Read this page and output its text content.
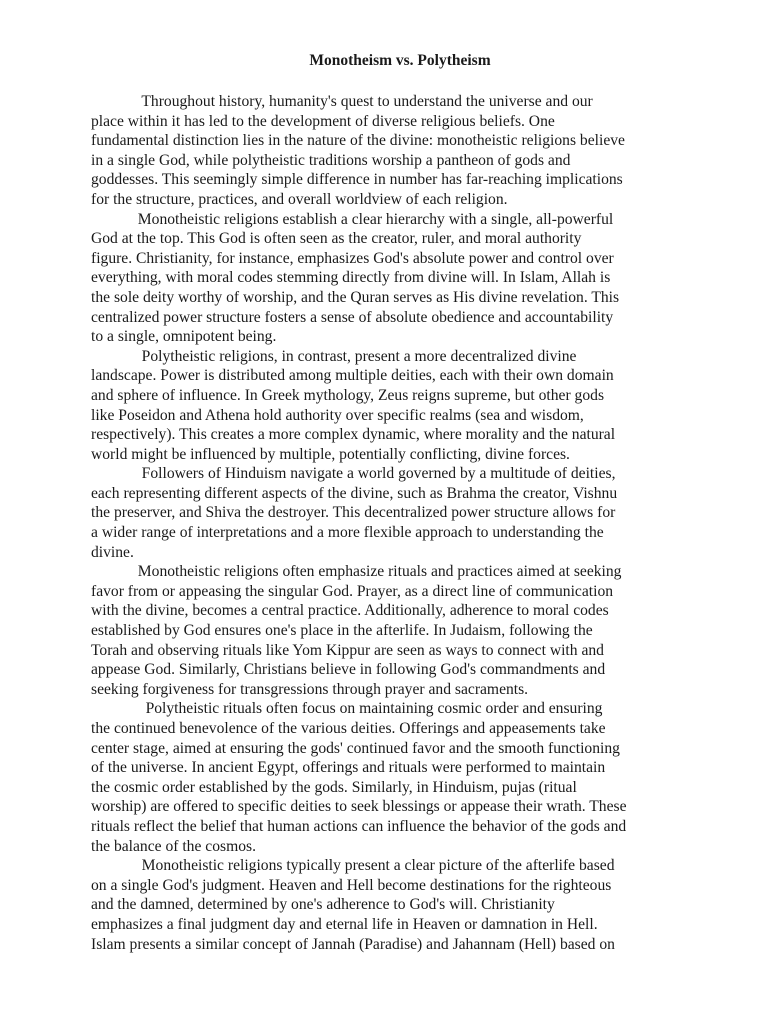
Monotheism vs. Polytheism

Throughout history, humanity's quest to understand the universe and our
place within it has led to the development of diverse religious beliefs. One
fundamental distinction lies in the nature of the divine: monotheistic religions believe
in a single God, while polytheistic traditions worship a pantheon of gods and
goddesses. This seemingly simple difference in number has far-reaching implications
for the structure, practices, and overall worldview of each religion.

Monotheistic religions establish a clear hierarchy with a single, all-powerful
God at the top. This God is often seen as the creator, ruler, and moral authority
figure. Christianity, for instance, emphasizes God's absolute power and control over
everything, with moral codes stemming directly from divine will. In Islam, Allah is
the sole deity worthy of worship, and the Quran serves as His divine revelation. This
centralized power structure fosters a sense of absolute obedience and accountability
to a single, omnipotent being.

Polytheistic religions, in contrast, present a more decentralized divine
landscape. Power is distributed among multiple deities, each with their own domain
and sphere of influence. In Greek mythology, Zeus reigns supreme, but other gods
like Poseidon and Athena hold authority over specific realms (sea and wisdom,
respectively). This creates a more complex dynamic, where morality and the natural
world might be influenced by multiple, potentially conflicting, divine forces.

Followers of Hinduism navigate a world governed by a multitude of deities,
each representing different aspects of the divine, such as Brahma the creator, Vishnu
the preserver, and Shiva the destroyer. This decentralized power structure allows for
a wider range of interpretations and a more flexible approach to understanding the
divine.

Monotheistic religions often emphasize rituals and practices aimed at seeking
favor from or appeasing the singular God. Prayer, as a direct line of communication
with the divine, becomes a central practice. Additionally, adherence to moral codes
established by God ensures one's place in the afterlife. In Judaism, following the
Torah and observing rituals like Yom Kippur are seen as ways to connect with and
appease God. Similarly, Christians believe in following God's commandments and
seeking forgiveness for transgressions through prayer and sacraments.

Polytheistic rituals often focus on maintaining cosmic order and ensuring
the continued benevolence of the various deities. Offerings and appeasements take
center stage, aimed at ensuring the gods' continued favor and the smooth functioning
of the universe. In ancient Egypt, offerings and rituals were performed to maintain
the cosmic order established by the gods. Similarly, in Hinduism, pujas (ritual
worship) are offered to specific deities to seek blessings or appease their wrath. These
rituals reflect the belief that human actions can influence the behavior of the gods and
the balance of the cosmos.

Monotheistic religions typically present a clear picture of the afterlife based
on a single God's judgment. Heaven and Hell become destinations for the righteous
and the damned, determined by one's adherence to God's will. Christianity
emphasizes a final judgment day and eternal life in Heaven or damnation in Hell.
Islam presents a similar concept of Jannah (Paradise) and Jahannam (Hell) based on
